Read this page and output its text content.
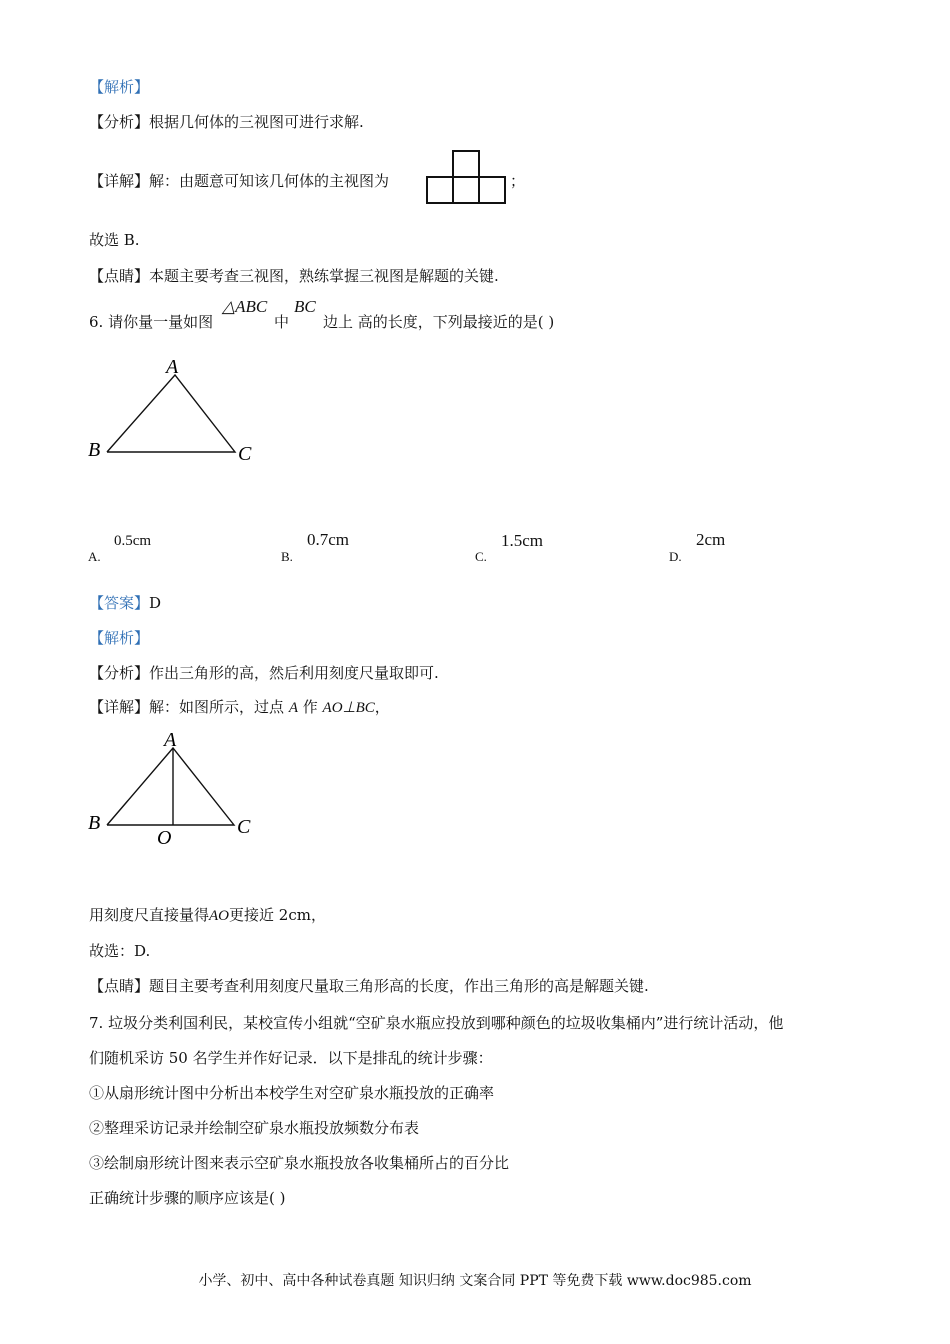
【解析】
【分析】根据几何体的三视图可进行求解.
【详解】解：由题意可知该几何体的主视图为	；
故选 B.
【点睛】本题主要考查三视图，熟练掌握三视图是解题的关键.
6. 请你量一量如图
△ABC
中
BC
边上 高的长度，下列最接近的是( )
A
B	C
A.
0.5cm
B.
0.7cm
C.
1.5cm
D.
2cm
【答案】D
【解析】
【分析】作出三角形的高，然后利用刻度尺量取即可.
【详解】解：如图所示，过点 A 作 AO⊥BC，
A
B	C
O
用刻度尺直接量得AO更接近 2cm，
故选：D.
【点睛】题目主要考查利用刻度尺量取三角形高的长度，作出三角形的高是解题关键.
7. 垃圾分类利国利民，某校宣传小组就“空矿泉水瓶应投放到哪种颜色的垃圾收集桶内”进行统计活动，他
们随机采访 50 名学生并作好记录．以下是排乱的统计步骤：
①从扇形统计图中分析出本校学生对空矿泉水瓶投放的正确率
②整理采访记录并绘制空矿泉水瓶投放频数分布表
③绘制扇形统计图来表示空矿泉水瓶投放各收集桶所占的百分比
正确统计步骤的顺序应该是( )
小学、初中、高中各种试卷真题 知识归纳 文案合同 PPT 等免费下载 www.doc985.com
